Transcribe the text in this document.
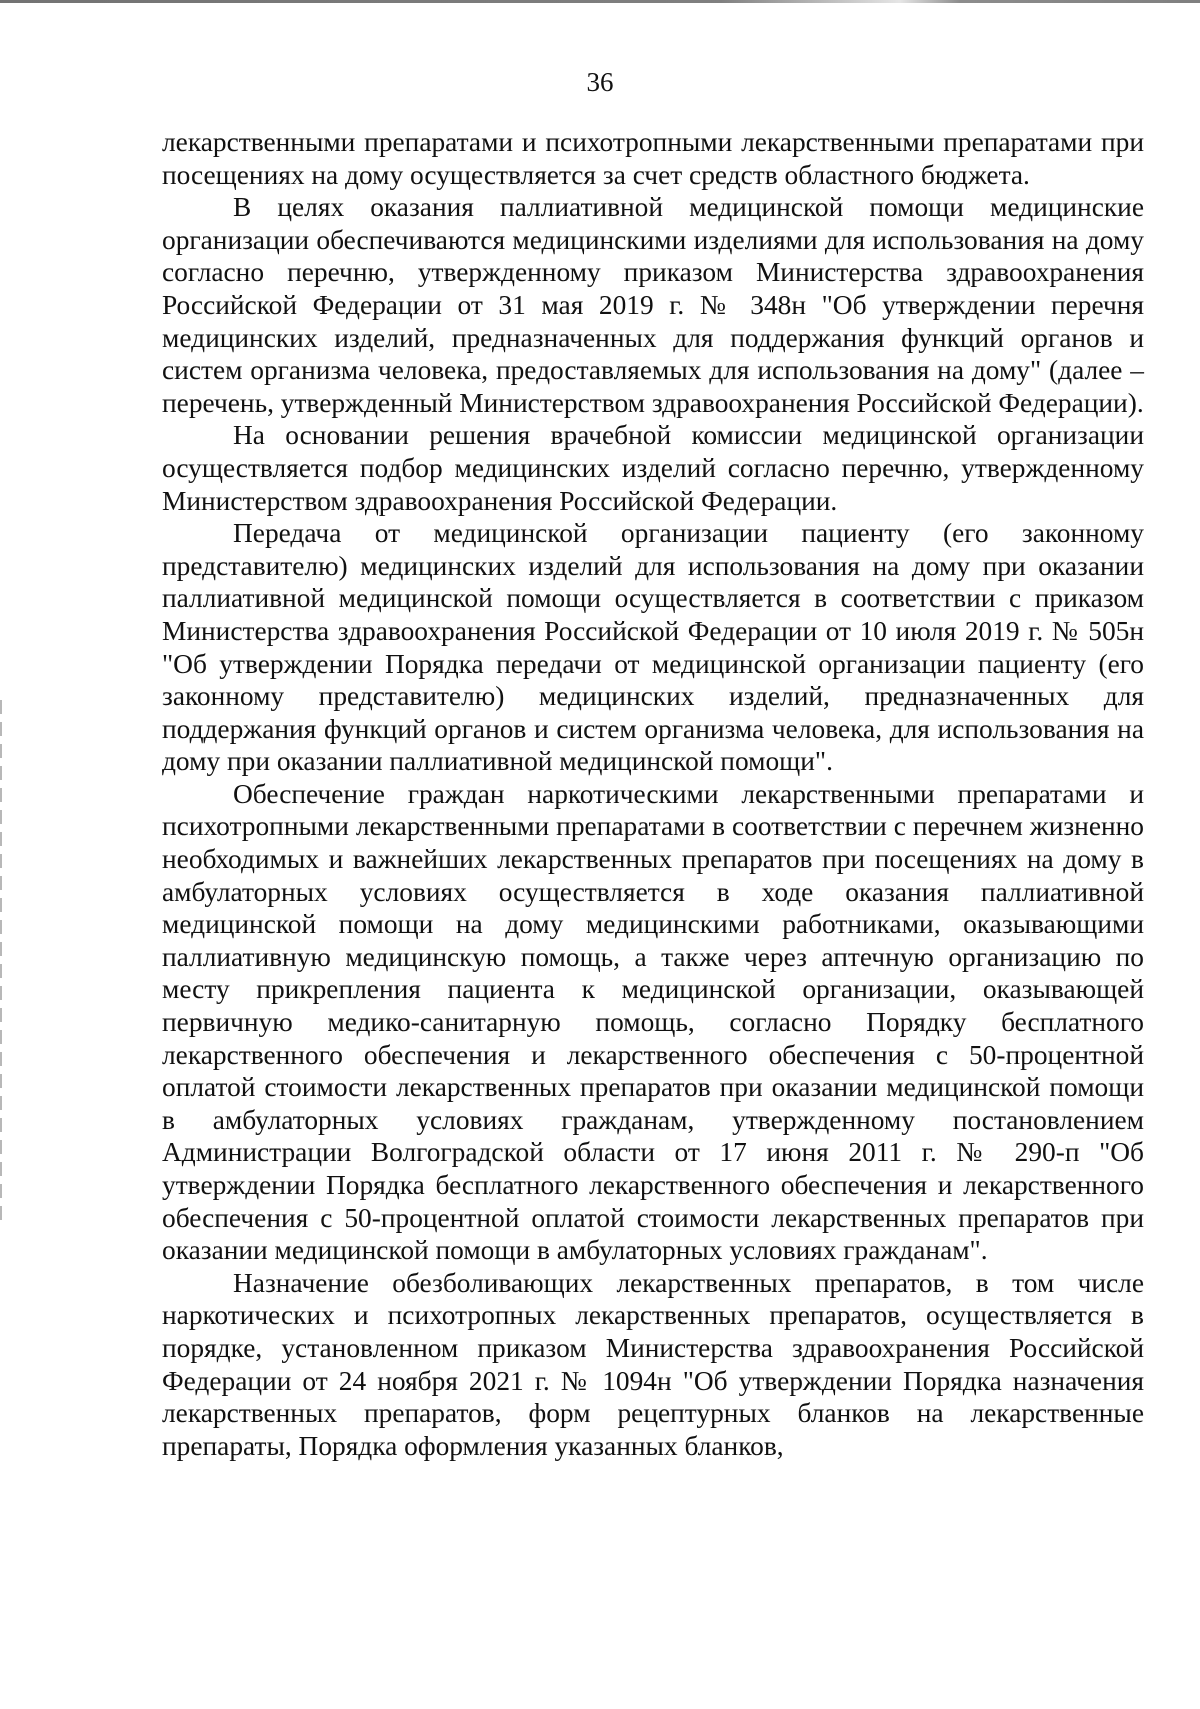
36

лекарственными препаратами и психотропными лекарственными препаратами при посещениях на дому осуществляется за счет средств областного бюджета.

В целях оказания паллиативной медицинской помощи медицинские организации обеспечиваются медицинскими изделиями для использования на дому согласно перечню, утвержденному приказом Министерства здравоохранения Российской Федерации от 31 мая 2019 г. № 348н "Об утверждении перечня медицинских изделий, предназначенных для поддержания функций органов и систем организма человека, предоставляемых для использования на дому" (далее – перечень, утвержденный Министерством здравоохранения Российской Федерации).

На основании решения врачебной комиссии медицинской организации осуществляется подбор медицинских изделий согласно перечню, утвержденному Министерством здравоохранения Российской Федерации.

Передача от медицинской организации пациенту (его законному представителю) медицинских изделий для использования на дому при оказании паллиативной медицинской помощи осуществляется в соответствии с приказом Министерства здравоохранения Российской Федерации от 10 июля 2019 г. № 505н "Об утверждении Порядка передачи от медицинской организации пациенту (его законному представителю) медицинских изделий, предназначенных для поддержания функций органов и систем организма человека, для использования на дому при оказании паллиативной медицинской помощи".

Обеспечение граждан наркотическими лекарственными препаратами и психотропными лекарственными препаратами в соответствии с перечнем жизненно необходимых и важнейших лекарственных препаратов при посещениях на дому в амбулаторных условиях осуществляется в ходе оказания паллиативной медицинской помощи на дому медицинскими работниками, оказывающими паллиативную медицинскую помощь, а также через аптечную организацию по месту прикрепления пациента к медицинской организации, оказывающей первичную медико-санитарную помощь, согласно Порядку бесплатного лекарственного обеспечения и лекарственного обеспечения с 50-процентной оплатой стоимости лекарственных препаратов при оказании медицинской помощи в амбулаторных условиях гражданам, утвержденному постановлением Администрации Волгоградской области от 17 июня 2011 г. № 290-п "Об утверждении Порядка бесплатного лекарственного обеспечения и лекарственного обеспечения с 50-процентной оплатой стоимости лекарственных препаратов при оказании медицинской помощи в амбулаторных условиях гражданам".

Назначение обезболивающих лекарственных препаратов, в том числе наркотических и психотропных лекарственных препаратов, осуществляется в порядке, установленном приказом Министерства здравоохранения Российской Федерации от 24 ноября 2021 г. № 1094н "Об утверждении Порядка назначения лекарственных препаратов, форм рецептурных бланков на лекарственные препараты, Порядка оформления указанных бланков,
